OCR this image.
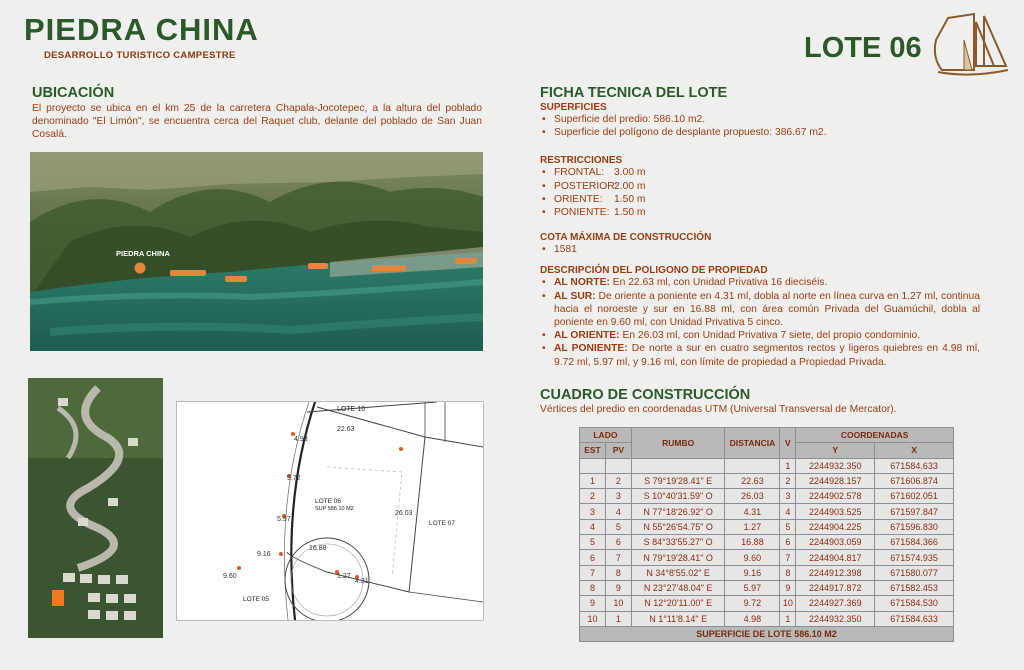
PIEDRA CHINA
DESARROLLO TURISTICO CAMPESTRE	LOTE 06
UBICACIÓN
El proyecto se ubica en el km 25 de la carretera Chapala-Jocotepec, a la altura del poblado denominado "El Limón", se encuentra cerca del Raquet club, delante del poblado de San Juan Cosalá.
PIEDRA CHINA
LOTE 16
LOTE 06
SUP 586.10 M2
LOTE 07
LOTE 05
22.63
4.98
9.72
5.97
26.03
9.16
16.88
9.60	1.27
4.31
FICHA TECNICA DEL LOTE
SUPERFICIES
• Superficie del predio: 586.10 m2.
• Superficie del polígono de desplante propuesto: 386.67 m2.
RESTRICCIONES
• FRONTAL: 3.00 m
• POSTERIOR:2.00 m
• ORIENTE: 1.50 m
• PONIENTE: 1.50 m
COTA MÁXIMA DE CONSTRUCCIÓN
• 1581
DESCRIPCIÓN DEL POLIGONO DE PROPIEDAD
• AL NORTE: En 22.63 ml, con Unidad Privativa 16 dieciséis.
• AL SUR: De oriente a poniente en 4.31 ml, dobla al norte en línea curva en 1.27 ml, continua hacia el noroeste y sur en 16.88 ml, con área común Privada del Guamúchil, dobla al poniente en 9.60 ml, con Unidad Privativa 5 cinco.
• AL ORIENTE: En 26.03 ml, con Unidad Privativa 7 siete, del propio condominio.
• AL PONIENTE: De norte a sur en cuatro segmentos rectos y ligeros quiebres en 4.98 ml, 9.72 ml, 5.97 ml, y 9.16 ml, con límite de propiedad a Propiedad Privada.
CUADRO DE CONSTRUCCIÓN
Vértices del predio en coordenadas UTM (Universal Transversal de Mercator).
LADO		RUMBO	DISTANCIA	V	COORDENADAS	
EST	PV				Y	X
				1	2244932.350	671584.633
1	2	S 79°19'28.41" E	22.63	2	2244928.157	671606.874
2	3	S 10°40'31.59" O	26.03	3	2244902.578	671602.051
3	4	N 77°18'26.92" O	4.31	4	2244903.525	671597.847
4	5	N 55°26'54.75" O	1.27	5	2244904.225	671596.830
5	6	S 84°33'55.27" O	16.88	6	2244903.059	671584.366
6	7	N 79°19'28.41" O	9.60	7	2244904.817	671574.935
7	8	N 34°8'55.02" E	9.16	8	2244912.398	671580.077
8	9	N 23°27'48.04" E	5.97	9	2244917.872	671582.453
9	10	N 12°20'11.00" E	9.72	10	2244927.369	671584.530
10	1	N 1°11'8.14" E	4.98	1	2244932.350	671584.633
SUPERFICIE DE LOTE 586.10 M2						
